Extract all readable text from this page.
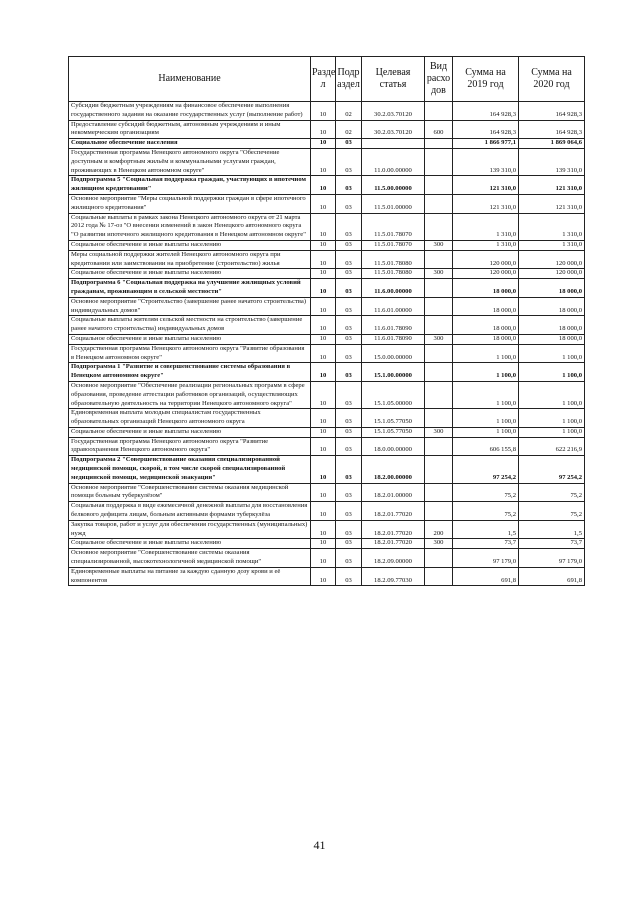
Наименование	Разде л	Подр аздел	Целевая статья	Вид расхо дов	Сумма на 2019 год	Сумма на 2020 год
Субсидии бюджетным учреждениям на финансовое обеспечение выполнения государственного задания на оказание государственных услуг (выполнение работ)	10	02	30.2.03.70120		164 928,3	164 928,3
Предоставление субсидий бюджетным, автономным учреждениям и иным некоммерческим организациям	10	02	30.2.03.70120	600	164 928,3	164 928,3
Социальное обеспечение населения	10	03			1 866 977,1	1 869 064,6
Государственная программа Ненецкого автономного округа "Обеспечение доступным и комфортным жильём и коммунальными услугами граждан, проживающих в Ненецком автономном округе"	10	03	11.0.00.00000		139 310,0	139 310,0
Подпрограмма 5 "Социальная поддержка граждан, участвующих в ипотечном жилищном кредитовании"	10	03	11.5.00.00000		121 310,0	121 310,0
Основное мероприятие "Меры социальной поддержки граждан в сфере ипотечного жилищного кредитования"	10	03	11.5.01.00000		121 310,0	121 310,0
Социальные выплаты в рамках закона Ненецкого автономного округа от 21 марта 2012 года № 17-оз "О внесении изменений в закон Ненецкого автономного округа "О развитии ипотечного жилищного кредитования в Ненецком автономном округе"	10	03	11.5.01.78070		1 310,0	1 310,0
Социальное обеспечение и иные выплаты населению	10	03	11.5.01.78070	300	1 310,0	1 310,0
Меры социальной поддержки жителей Ненецкого автономного округа при кредитовании или заимствовании на приобретение (строительство) жилья	10	03	11.5.01.78080		120 000,0	120 000,0
Социальное обеспечение и иные выплаты населению	10	03	11.5.01.78080	300	120 000,0	120 000,0
Подпрограмма 6 "Социальная поддержка на улучшение жилищных условий гражданам, проживающим в сельской местности"	10	03	11.6.00.00000		18 000,0	18 000,0
Основное мероприятие "Строительство (завершение ранее начатого строительства) индивидуальных домов"	10	03	11.6.01.00000		18 000,0	18 000,0
Социальные выплаты жителям сельской местности на строительство (завершение ранее начатого строительства) индивидуальных домов	10	03	11.6.01.78090		18 000,0	18 000,0
Социальное обеспечение и иные выплаты населению	10	03	11.6.01.78090	300	18 000,0	18 000,0
Государственная программа Ненецкого автономного округа "Развитие образования в Ненецком автономном округе"	10	03	15.0.00.00000		1 100,0	1 100,0
Подпрограмма 1 "Развитие и совершенствование системы образования в Ненецком автономном округе"	10	03	15.1.00.00000		1 100,0	1 100,0
Основное мероприятие "Обеспечение реализации региональных программ в сфере образования, проведение аттестации работников организаций, осуществляющих образовательную деятельность на территории Ненецкого автономного округа"	10	03	15.1.05.00000		1 100,0	1 100,0
Единовременная выплата молодым специалистам государственных образовательных организаций Ненецкого автономного округа	10	03	15.1.05.77050		1 100,0	1 100,0
Социальное обеспечение и иные выплаты населению	10	03	15.1.05.77050	300	1 100,0	1 100,0
Государственная программа Ненецкого автономного округа "Развитие здравоохранения Ненецкого автономного округа"	10	03	18.0.00.00000		606 155,8	622 216,9
Подпрограмма 2 "Совершенствование оказания специализированной медицинской помощи, скорой, в том числе скорой специализированной медицинской помощи, медицинской эвакуации"	10	03	18.2.00.00000		97 254,2	97 254,2
Основное мероприятие "Совершенствование системы оказания медицинской помощи больным туберкулёзом"	10	03	18.2.01.00000		75,2	75,2
Социальная поддержка в виде ежемесячной денежной выплаты для восстановления белкового дефицита лицам, больным активными формами туберкулёза	10	03	18.2.01.77020		75,2	75,2
Закупка товаров, работ и услуг для обеспечения государственных (муниципальных) нужд	10	03	18.2.01.77020	200	1,5	1,5
Социальное обеспечение и иные выплаты населению	10	03	18.2.01.77020	300	73,7	73,7
Основное мероприятие "Совершенствование системы оказания специализированной, высокотехнологичной медицинской помощи"	10	03	18.2.09.00000		97 179,0	97 179,0
Единовременные выплаты на питание за каждую сданную дозу крови и её компонентов	10	03	18.2.09.77030		691,8	691,8
41
